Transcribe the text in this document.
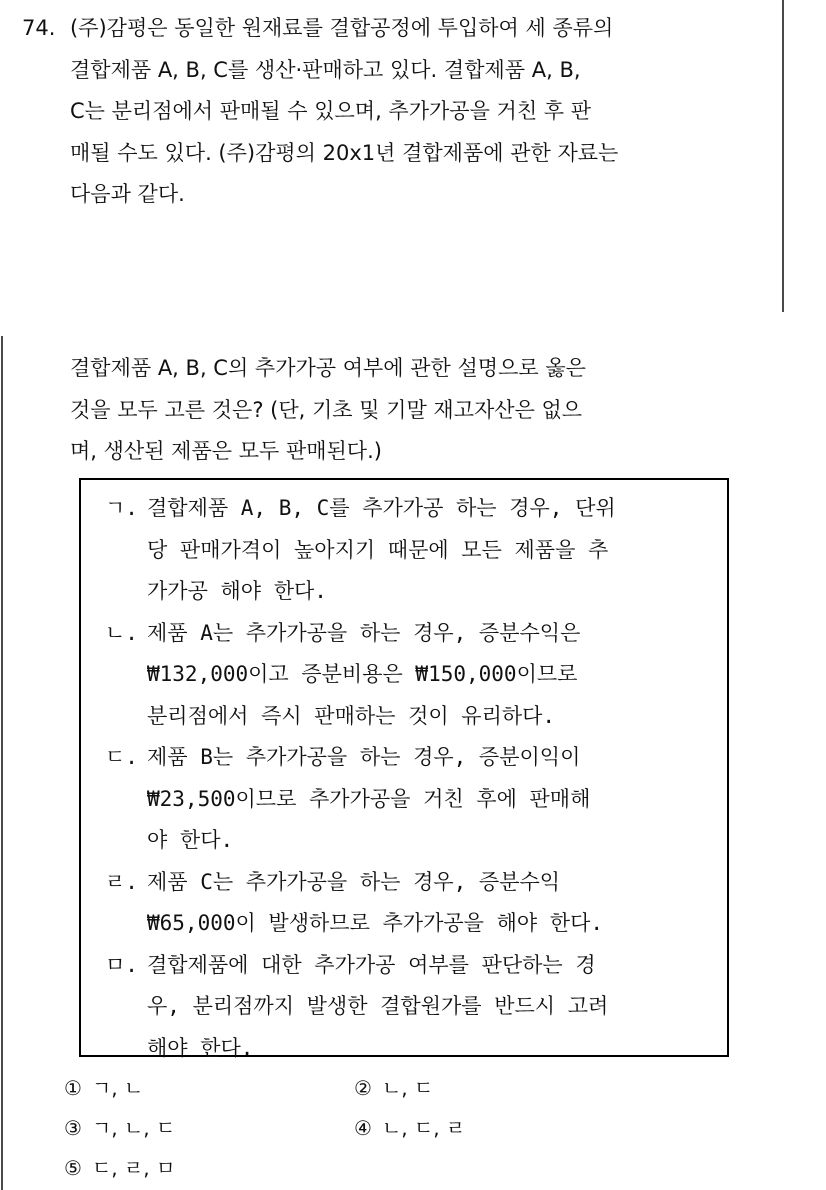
74. (주)감평은 동일한 원재료를 결합공정에 투입하여 세 종류의
결합제품 A, B, C를 생산·판매하고 있다. 결합제품 A, B,
C는 분리점에서 판매될 수 있으며, 추가가공을 거친 후 판
매될 수도 있다. (주)감평의 20x1년 결합제품에 관한 자료는
다음과 같다.
결합제품 A, B, C의 추가가공 여부에 관한 설명으로 옳은
것을 모두 고른 것은? (단, 기초 및 기말 재고자산은 없으
며, 생산된 제품은 모두 판매된다.)
ㄱ. 결합제품 A, B, C를 추가가공 하는 경우, 단위
당 판매가격이 높아지기 때문에 모든 제품을 추
가가공 해야 한다.
ㄴ. 제품 A는 추가가공을 하는 경우, 증분수익은
₩132,000이고 증분비용은 ₩150,000이므로
분리점에서 즉시 판매하는 것이 유리하다.
ㄷ. 제품 B는 추가가공을 하는 경우, 증분이익이
₩23,500이므로 추가가공을 거친 후에 판매해
야 한다.
ㄹ. 제품 C는 추가가공을 하는 경우, 증분수익
₩65,000이 발생하므로 추가가공을 해야 한다.
ㅁ. 결합제품에 대한 추가가공 여부를 판단하는 경
우, 분리점까지 발생한 결합원가를 반드시 고려
해야 한다.
① ㄱ, ㄴ	② ㄴ, ㄷ
③ ㄱ, ㄴ, ㄷ	④ ㄴ, ㄷ, ㄹ
⑤ ㄷ, ㄹ, ㅁ
